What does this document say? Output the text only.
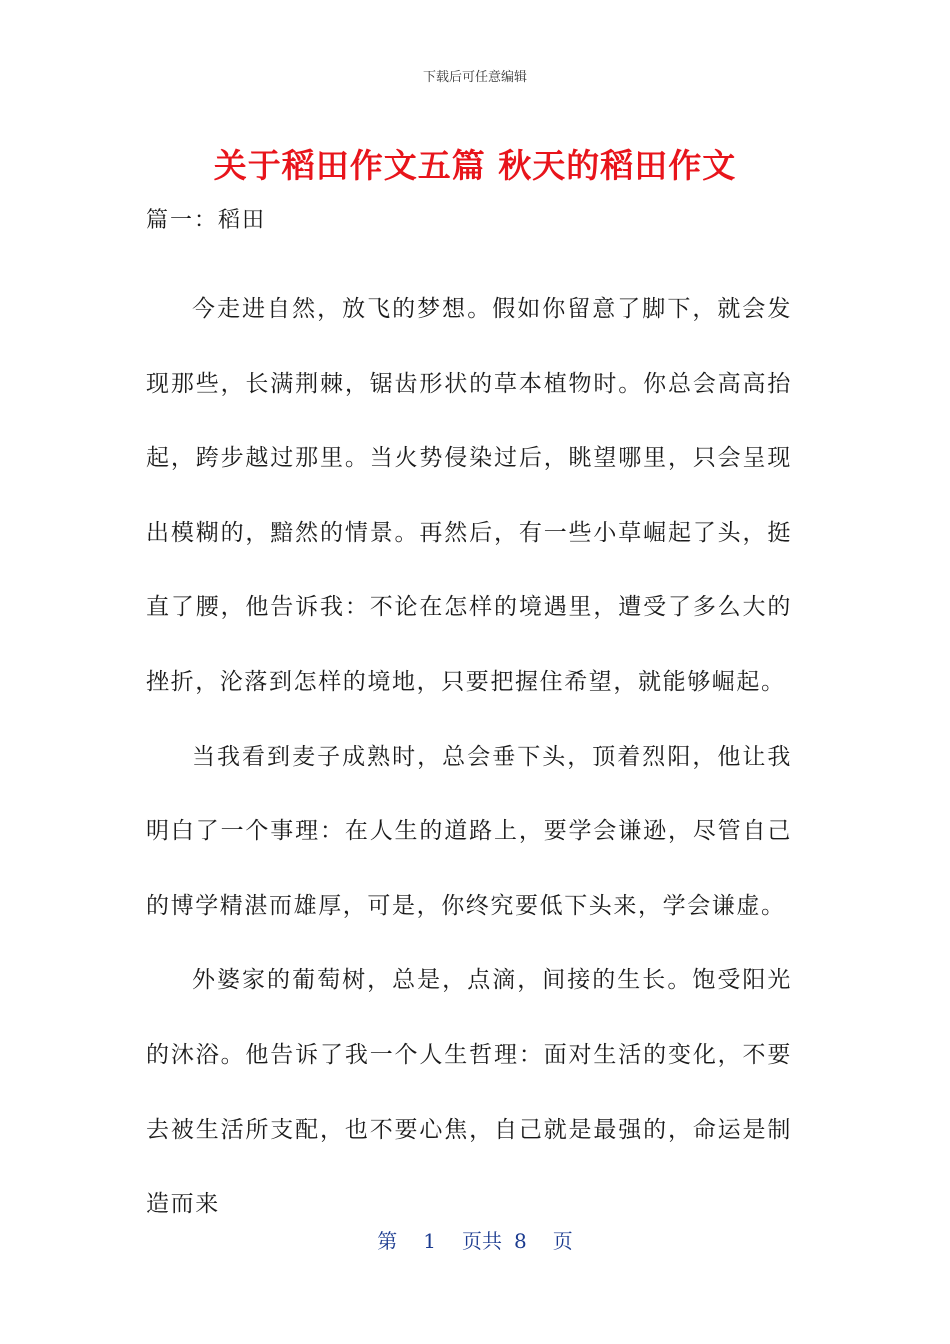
下载后可任意编辑
关于稻田作文五篇 秋天的稻田作文
篇一：稻田

今走进自然，放飞的梦想。假如你留意了脚下，就会发现那些，长满荆棘，锯齿形状的草本植物时。你总会高高抬起，跨步越过那里。当火势侵染过后，眺望哪里，只会呈现出模糊的，黯然的情景。再然后，有一些小草崛起了头，挺直了腰，他告诉我：不论在怎样的境遇里，遭受了多么大的挫折，沦落到怎样的境地，只要把握住希望，就能够崛起。

当我看到麦子成熟时，总会垂下头，顶着烈阳，他让我明白了一个事理：在人生的道路上，要学会谦逊，尽管自己的博学精湛而雄厚，可是，你终究要低下头来，学会谦虚。

外婆家的葡萄树，总是，点滴，间接的生长。饱受阳光的沐浴。他告诉了我一个人生哲理：面对生活的变化，不要去被生活所支配，也不要心焦，自己就是最强的，命运是制造而来

第 1 页共 8 页
